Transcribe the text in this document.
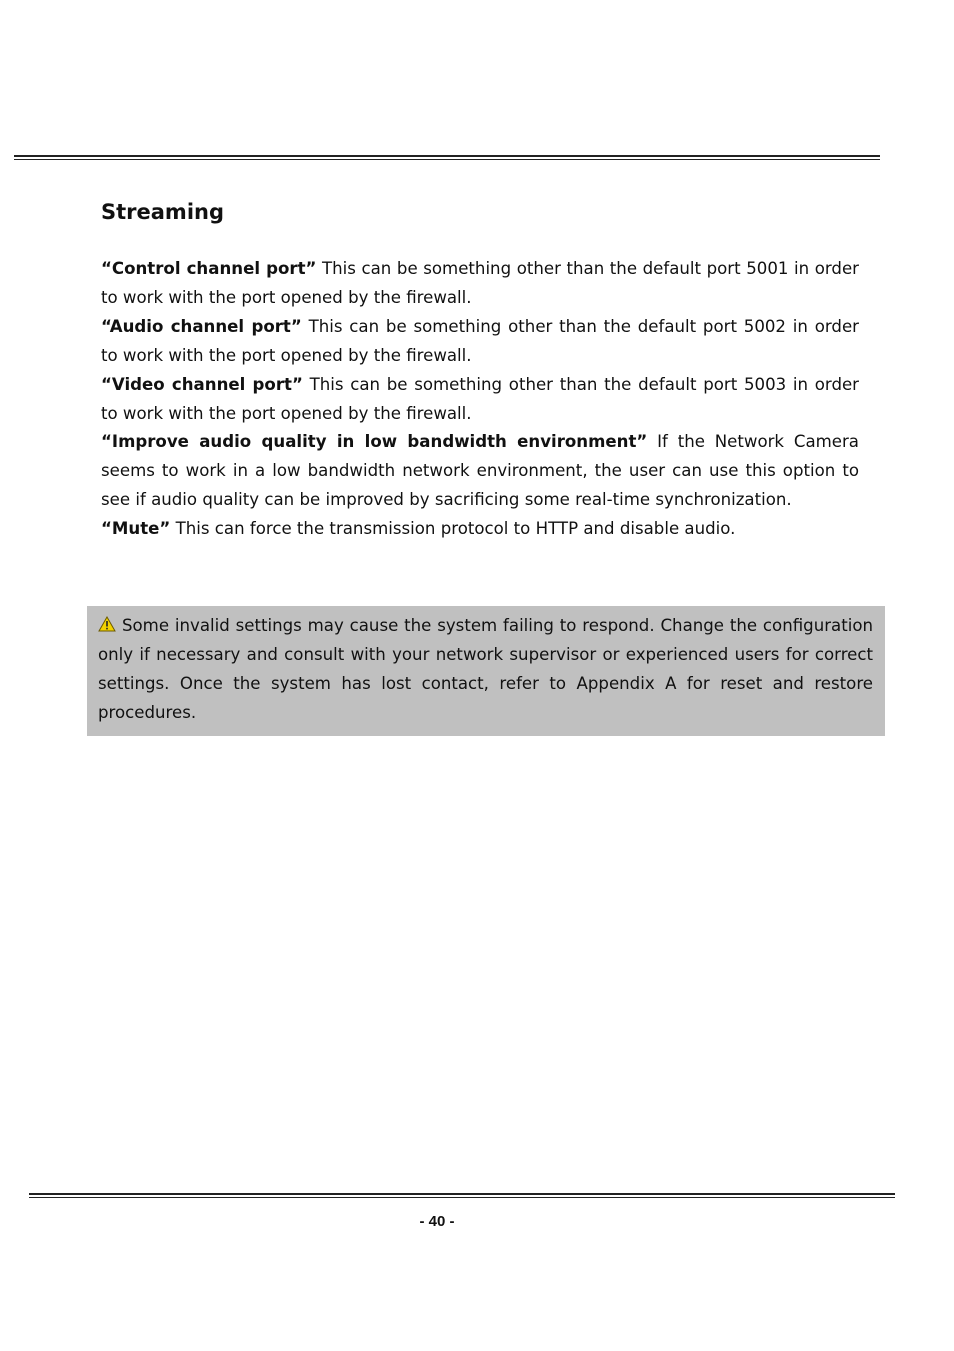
Streaming

“Control channel port” This can be something other than the default port 5001 in order to work with the port opened by the firewall.

“Audio channel port” This can be something other than the default port 5002 in order to work with the port opened by the firewall.

“Video channel port” This can be something other than the default port 5003 in order to work with the port opened by the firewall.

“Improve audio quality in low bandwidth environment” If the Network Camera seems to work in a low bandwidth network environment, the user can use this option to see if audio quality can be improved by sacrificing some real-time synchronization.

“Mute” This can force the transmission protocol to HTTP and disable audio.

Some invalid settings may cause the system failing to respond. Change the configuration only if necessary and consult with your network supervisor or experienced users for correct settings. Once the system has lost contact, refer to Appendix A for reset and restore procedures.

- 40 -
